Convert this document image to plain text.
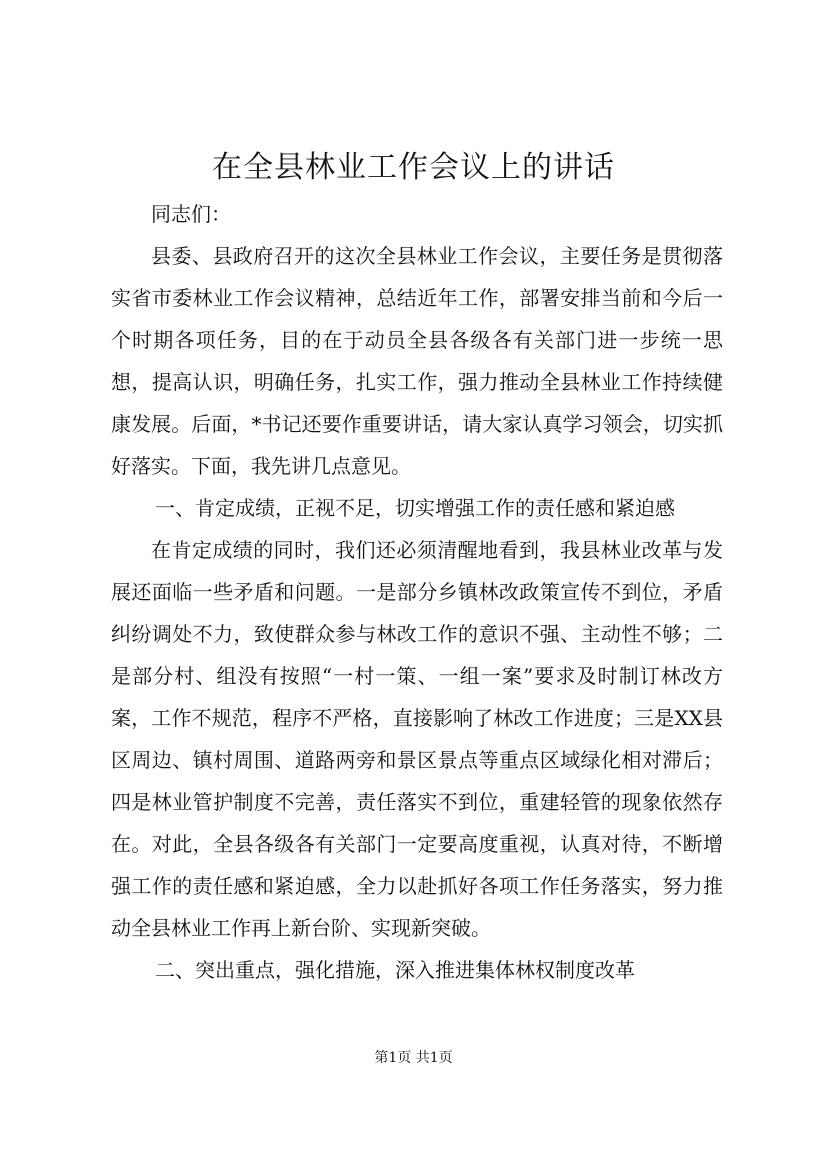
在全县林业工作会议上的讲话

同志们：

县委、县政府召开的这次全县林业工作会议，主要任务是贯彻落实省市委林业工作会议精神，总结近年工作，部署安排当前和今后一个时期各项任务，目的在于动员全县各级各有关部门进一步统一思想，提高认识，明确任务，扎实工作，强力推动全县林业工作持续健康发展。后面，*书记还要作重要讲话，请大家认真学习领会，切实抓好落实。下面，我先讲几点意见。

一、肯定成绩，正视不足，切实增强工作的责任感和紧迫感

在肯定成绩的同时，我们还必须清醒地看到，我县林业改革与发展还面临一些矛盾和问题。一是部分乡镇林改政策宣传不到位，矛盾纠纷调处不力，致使群众参与林改工作的意识不强、主动性不够；二是部分村、组没有按照“一村一策、一组一案”要求及时制订林改方案，工作不规范，程序不严格，直接影响了林改工作进度；三是XX县区周边、镇村周围、道路两旁和景区景点等重点区域绿化相对滞后；四是林业管护制度不完善，责任落实不到位，重建轻管的现象依然存在。对此，全县各级各有关部门一定要高度重视，认真对待，不断增强工作的责任感和紧迫感，全力以赴抓好各项工作任务落实，努力推动全县林业工作再上新台阶、实现新突破。

二、突出重点，强化措施，深入推进集体林权制度改革

第1页 共1页
